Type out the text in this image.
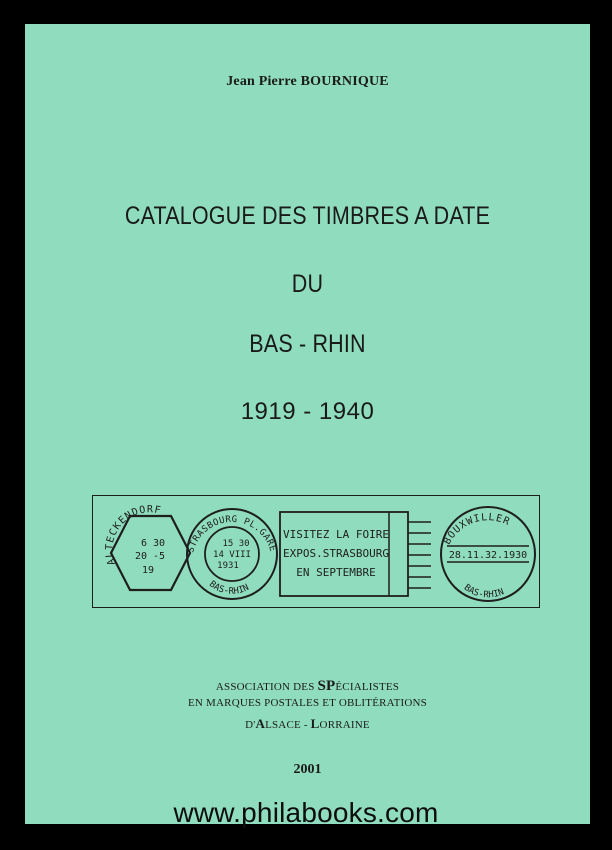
Jean Pierre BOURNIQUE
CATALOGUE DES TIMBRES A DATE
DU
BAS - RHIN
1919 - 1940
ALTECKENDORF
6 30
20 -5
19
STRASBOURG PL.GARE
BAS-RHIN
15 30
14 VIII
1931
VISITEZ LA FOIRE
EXPOS.STRASBOURG
EN SEPTEMBRE
BOUXWILLER
BAS-RHIN
28.11.32.1930
ASSOCIATION DES SPÉCIALISTES
EN MARQUES POSTALES ET OBLITÉRATIONS
D'ALSACE - LORRAINE
2001
www.philabooks.com
